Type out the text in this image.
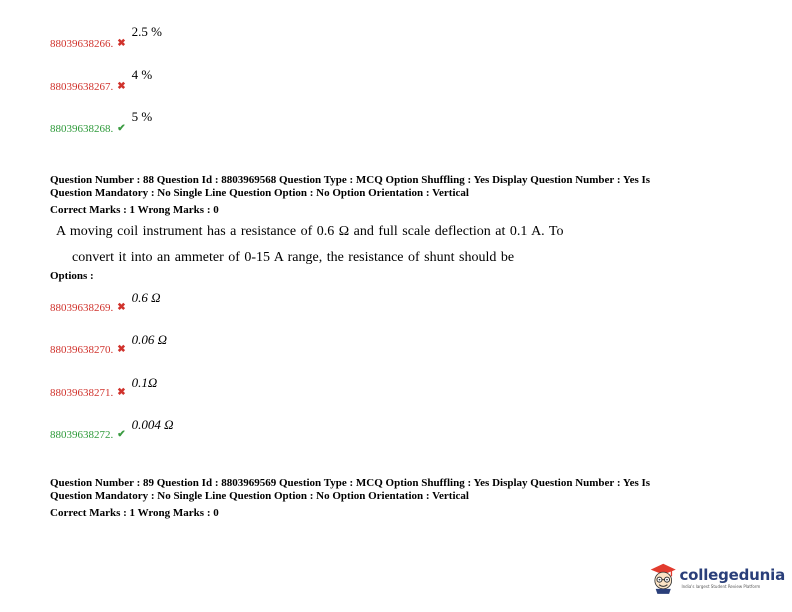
88039638266. ✖
2.5 %
88039638267. ✖
4 %
88039638268. ✔
5 %
Question Number : 88 Question Id : 8803969568 Question Type : MCQ Option Shuffling : Yes Display Question Number : Yes Is
Question Mandatory : No Single Line Question Option : No Option Orientation : Vertical
Correct Marks : 1 Wrong Marks : 0
A moving coil instrument has a resistance of 0.6 Ω and full scale deflection at 0.1 A. To
convert it into an ammeter of 0-15 A range, the resistance of shunt should be
Options :
88039638269. ✖
0.6 Ω
88039638270. ✖
0.06 Ω
88039638271. ✖
0.1Ω
88039638272. ✔
0.004 Ω
Question Number : 89 Question Id : 8803969569 Question Type : MCQ Option Shuffling : Yes Display Question Number : Yes Is
Question Mandatory : No Single Line Question Option : No Option Orientation : Vertical
Correct Marks : 1 Wrong Marks : 0
collegedunia
India's largest Student Review Platform
